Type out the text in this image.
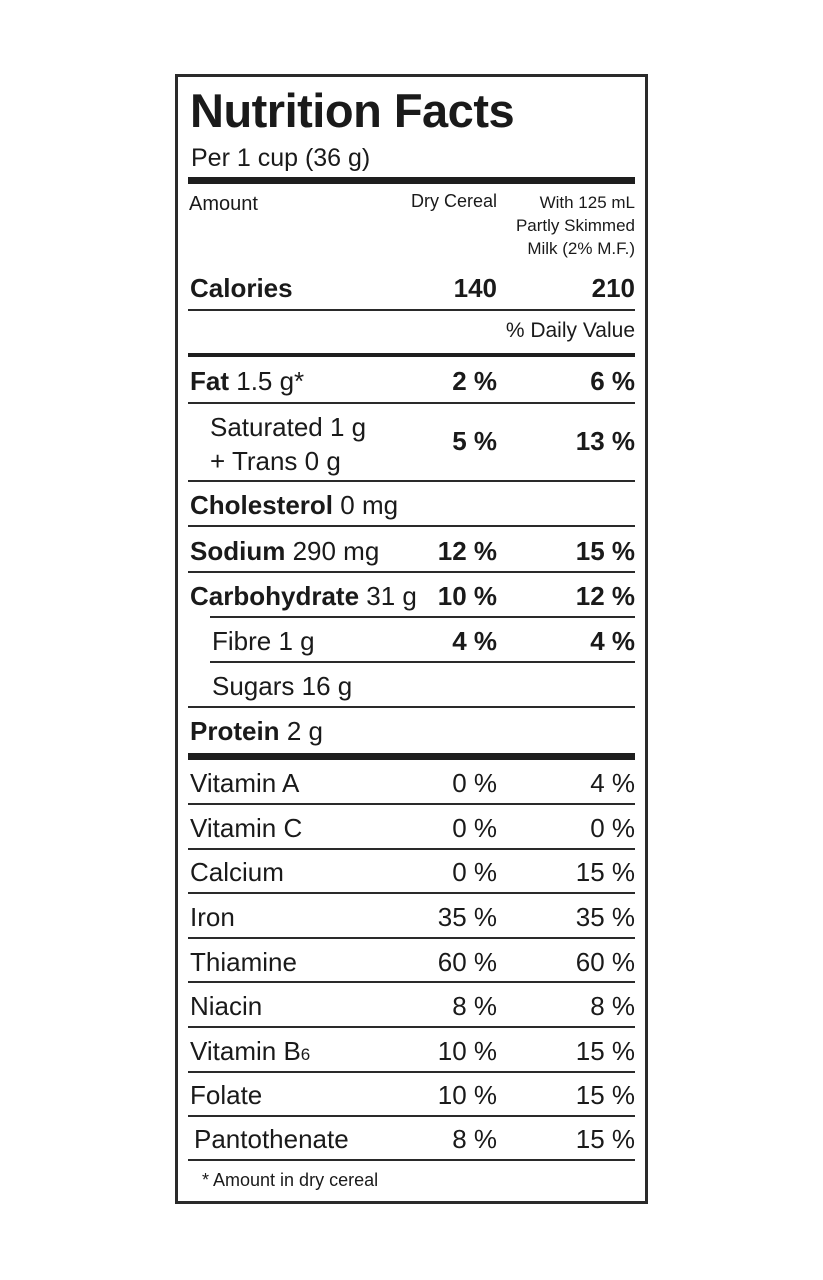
Nutrition Facts
Per 1 cup (36 g)
Amount	Dry Cereal	With 125 mL
Partly Skimmed
Milk (2% M.F.)
Calories	140	210
% Daily Value
Fat 1.5 g*	2 %	6 %
Saturated 1 g
+ Trans 0 g
5 %	13 %
Cholesterol 0 mg
Sodium 290 mg 12 %	15 %
Carbohydrate 31 g 10 %	12 %
Fibre 1 g	4 %	4 %
Sugars 16 g
Protein 2 g
Vitamin A	0 %	4 %
Vitamin C	0 %	0 %
Calcium	0 %	15 %
Iron	35 %	35 %
Thiamine	60 %	60 %
Niacin	8 %	8 %
Vitamin B6	10 %	15 %
Folate	10 %	15 %
Pantothenate	8 %	15 %
* Amount in dry cereal
